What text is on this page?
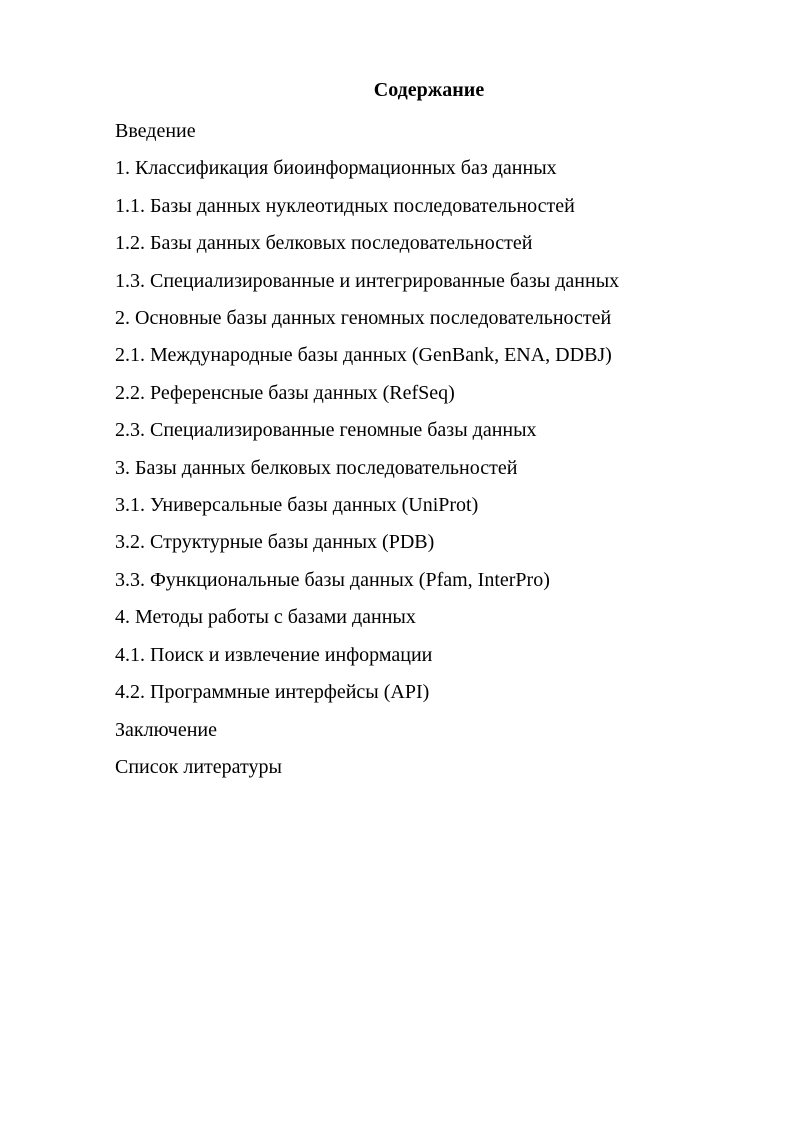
Содержание
Введение
1. Классификация биоинформационных баз данных
1.1. Базы данных нуклеотидных последовательностей
1.2. Базы данных белковых последовательностей
1.3. Специализированные и интегрированные базы данных
2. Основные базы данных геномных последовательностей
2.1. Международные базы данных (GenBank, ENA, DDBJ)
2.2. Референсные базы данных (RefSeq)
2.3. Специализированные геномные базы данных
3. Базы данных белковых последовательностей
3.1. Универсальные базы данных (UniProt)
3.2. Структурные базы данных (PDB)
3.3. Функциональные базы данных (Pfam, InterPro)
4. Методы работы с базами данных
4.1. Поиск и извлечение информации
4.2. Программные интерфейсы (API)
Заключение
Список литературы
